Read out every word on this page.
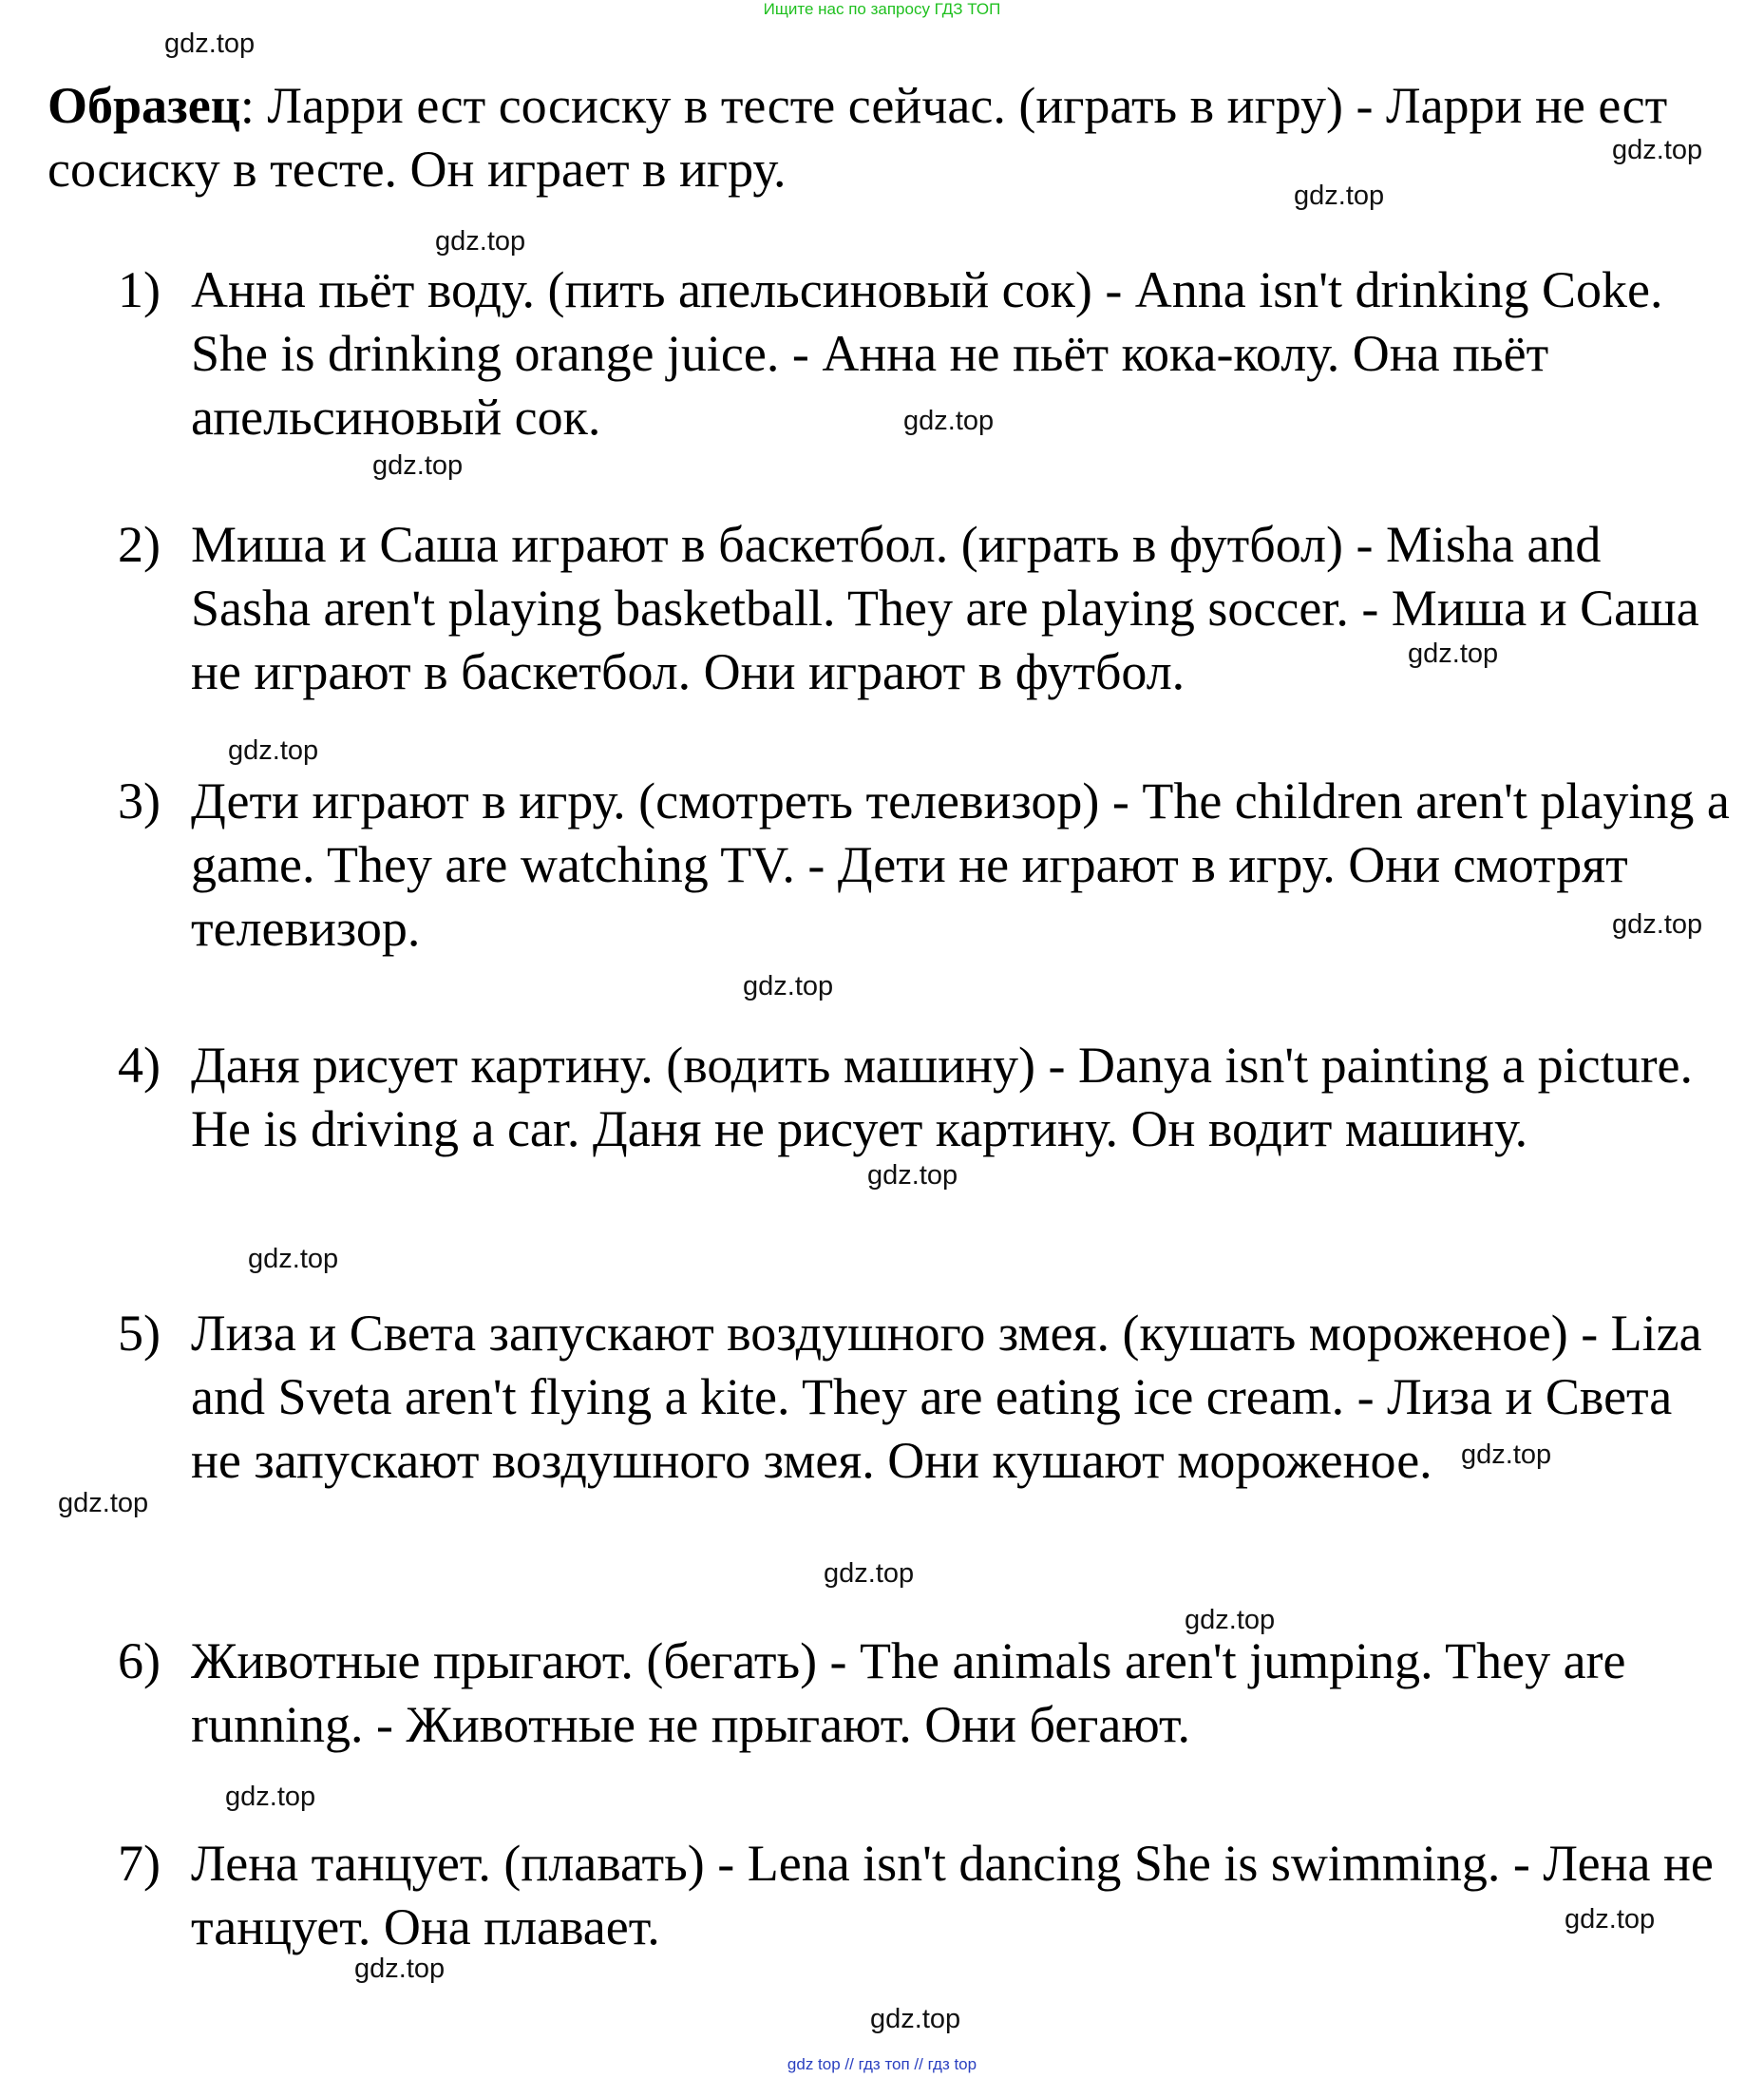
Ищите нас по запросу ГДЗ ТОП
gdz.top
gdz.top
gdz.top
gdz.top
gdz.top
gdz.top
gdz.top
gdz.top
gdz.top
gdz.top
gdz.top
gdz.top
gdz.top
gdz.top
gdz.top
gdz.top
gdz.top
gdz.top
gdz.top
gdz.top
Образец: Ларри ест сосиску в тесте сейчас. (играть в игру) - Ларри не ест сосиску в тесте. Он играет в игру.
1) Анна пьёт воду. (пить апельсиновый сок) - Anna isn't drinking Coke. She is drinking orange juice. - Анна не пьёт кока-колу. Она пьёт апельсиновый сок.
2) Миша и Саша играют в баскетбол. (играть в футбол) - Misha and Sasha aren't playing basketball. They are playing soccer. - Миша и Саша не играют в баскетбол. Они играют в футбол.
3) Дети играют в игру. (смотреть телевизор) - The children aren't playing a game. They are watching TV. - Дети не играют в игру. Они смотрят телевизор.
4) Даня рисует картину. (водить машину) - Danya isn't painting a picture. He is driving a car. Даня не рисует картину. Он водит машину.
5) Лиза и Света запускают воздушного змея. (кушать мороженое) - Liza and Sveta aren't flying a kite. They are eating ice cream. - Лиза и Света не запускают воздушного змея. Они кушают мороженое.
6) Животные прыгают. (бегать) - The animals aren't jumping. They are running. - Животные не прыгают. Они бегают.
7) Лена танцует. (плавать) - Lena isn't dancing She is swimming. - Лена не танцует. Она плавает.
gdz top // гдз топ // гдз top
